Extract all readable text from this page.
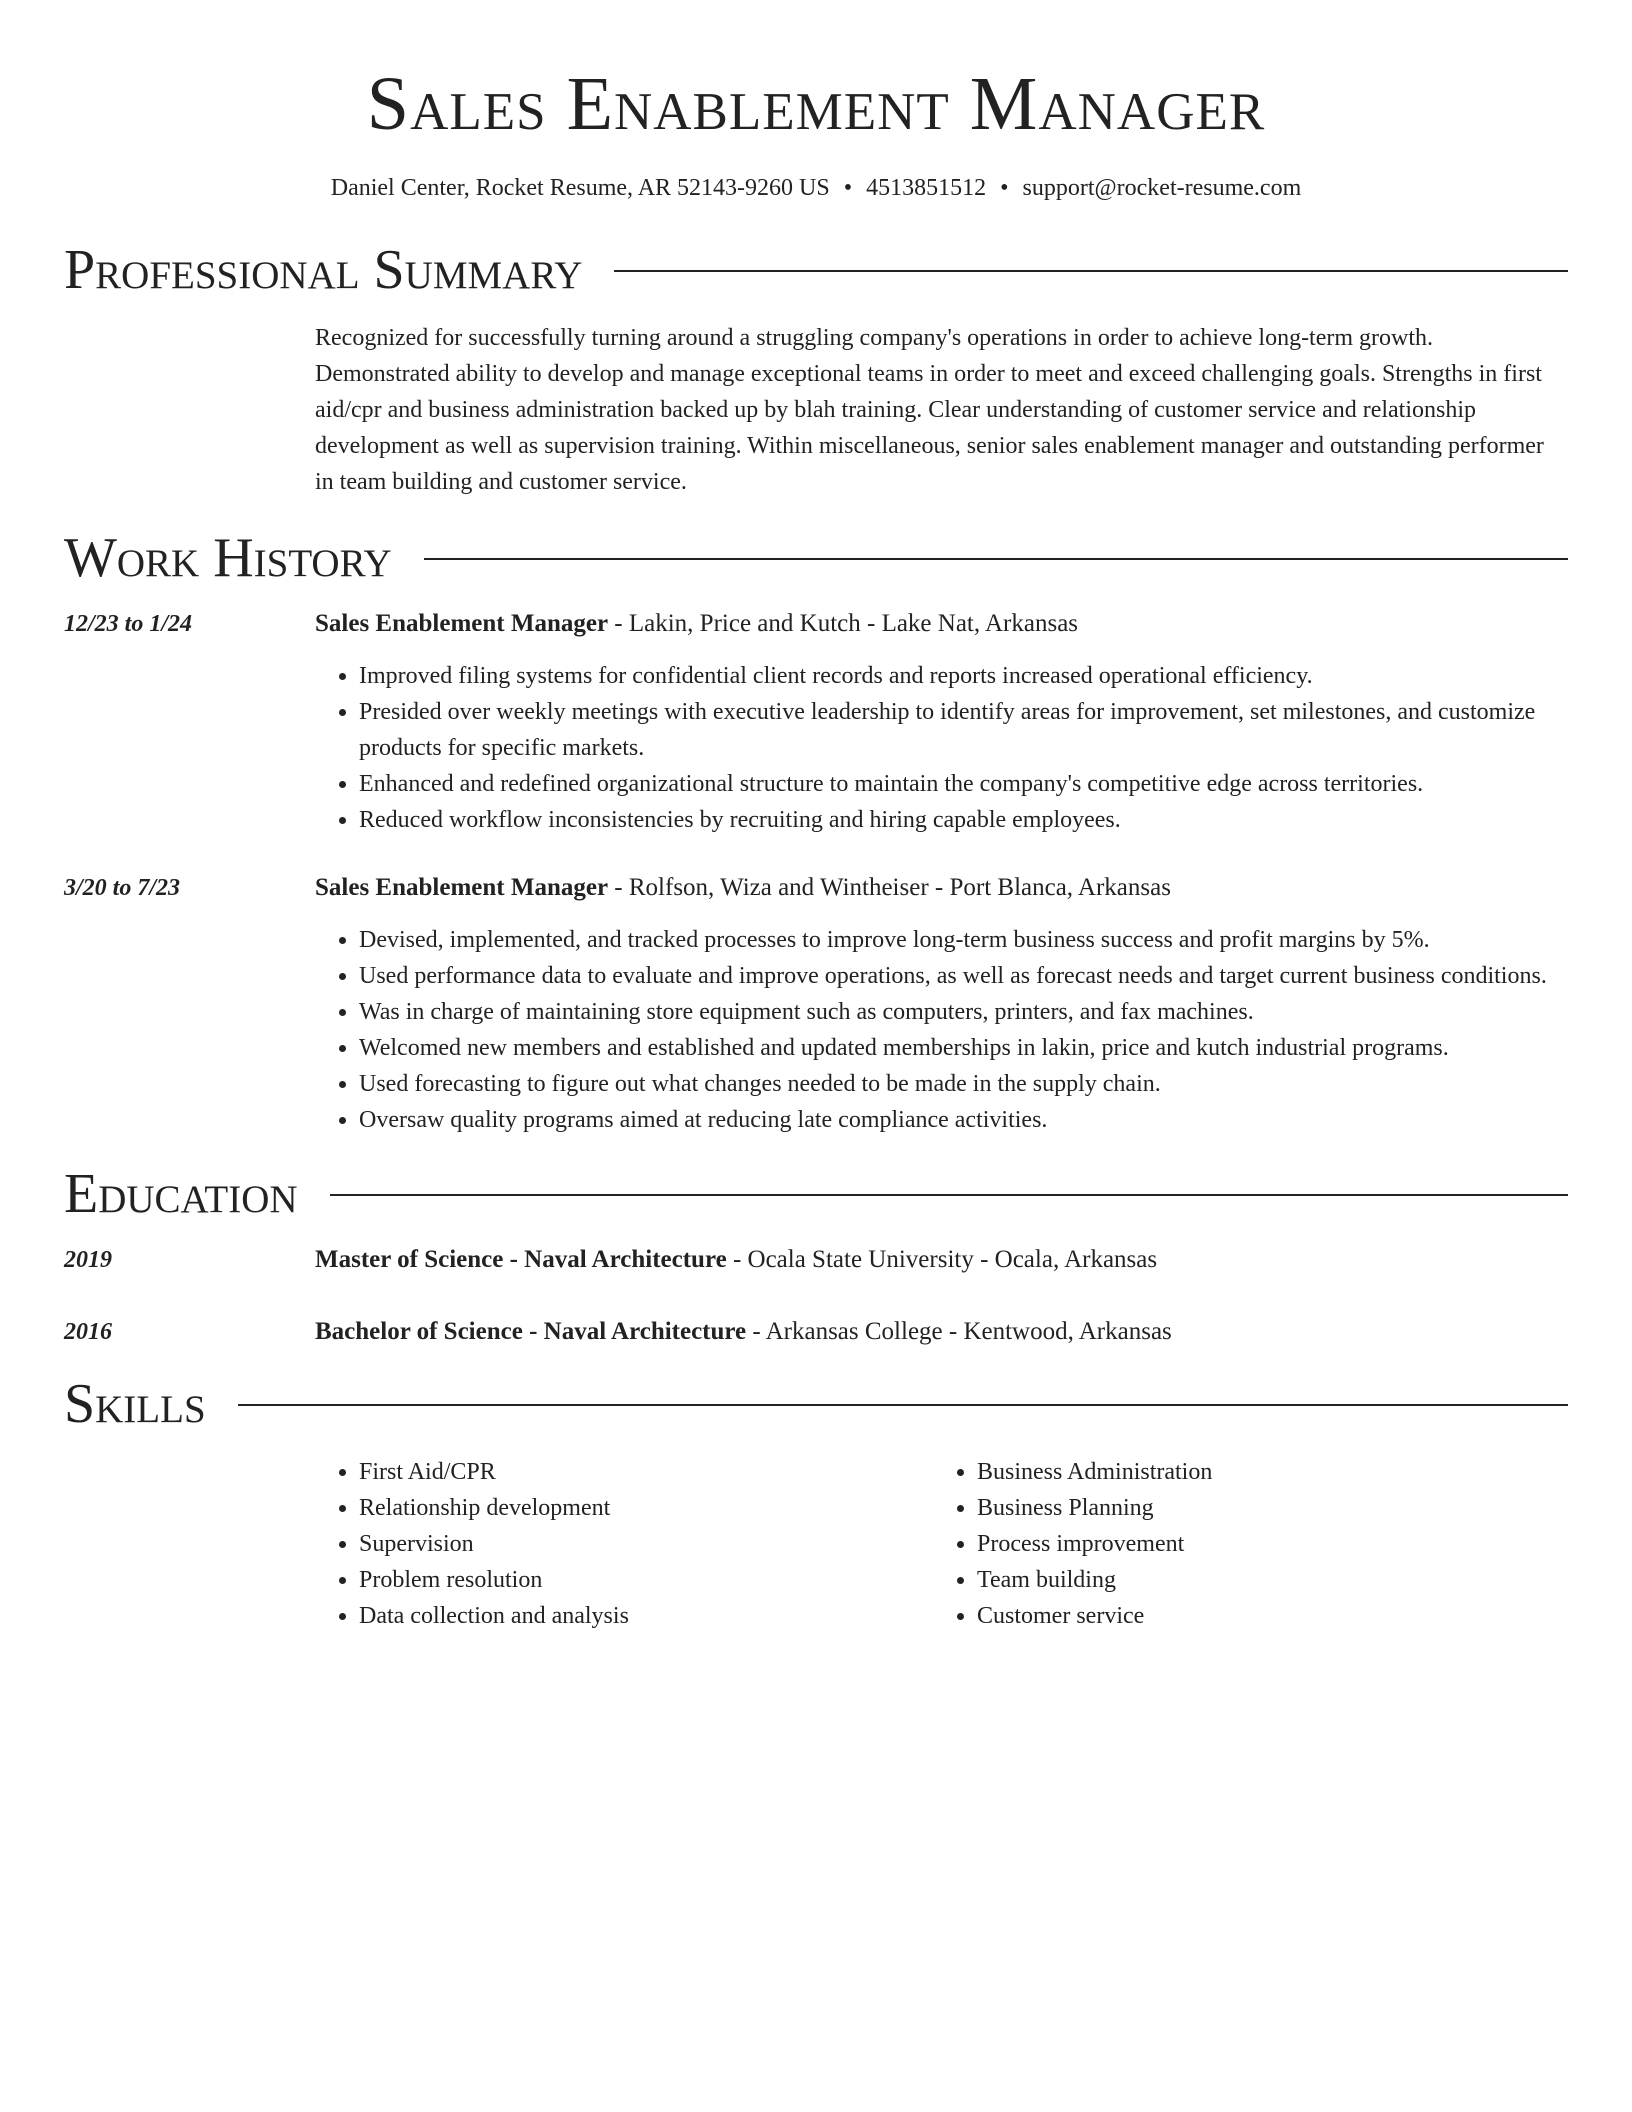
Sales Enablement Manager
Daniel Center, Rocket Resume, AR 52143-9260 US • 4513851512 • support@rocket-resume.com
Professional Summary
Recognized for successfully turning around a struggling company's operations in order to achieve long-term growth. Demonstrated ability to develop and manage exceptional teams in order to meet and exceed challenging goals. Strengths in first aid/cpr and business administration backed up by blah training. Clear understanding of customer service and relationship development as well as supervision training. Within miscellaneous, senior sales enablement manager and outstanding performer in team building and customer service.
Work History
12/23 to 1/24	Sales Enablement Manager - Lakin, Price and Kutch - Lake Nat, Arkansas
• Improved filing systems for confidential client records and reports increased operational efficiency.
• Presided over weekly meetings with executive leadership to identify areas for improvement, set milestones, and customize products for specific markets.
• Enhanced and redefined organizational structure to maintain the company's competitive edge across territories.
• Reduced workflow inconsistencies by recruiting and hiring capable employees.
3/20 to 7/23	Sales Enablement Manager - Rolfson, Wiza and Wintheiser - Port Blanca, Arkansas
• Devised, implemented, and tracked processes to improve long-term business success and profit margins by 5%.
• Used performance data to evaluate and improve operations, as well as forecast needs and target current business conditions.
• Was in charge of maintaining store equipment such as computers, printers, and fax machines.
• Welcomed new members and established and updated memberships in lakin, price and kutch industrial programs.
• Used forecasting to figure out what changes needed to be made in the supply chain.
• Oversaw quality programs aimed at reducing late compliance activities.
Education
2019	Master of Science - Naval Architecture - Ocala State University - Ocala, Arkansas
2016	Bachelor of Science - Naval Architecture - Arkansas College - Kentwood, Arkansas
Skills
• First Aid/CPR
• Relationship development
• Supervision
• Problem resolution
• Data collection and analysis
• Business Administration
• Business Planning
• Process improvement
• Team building
• Customer service
